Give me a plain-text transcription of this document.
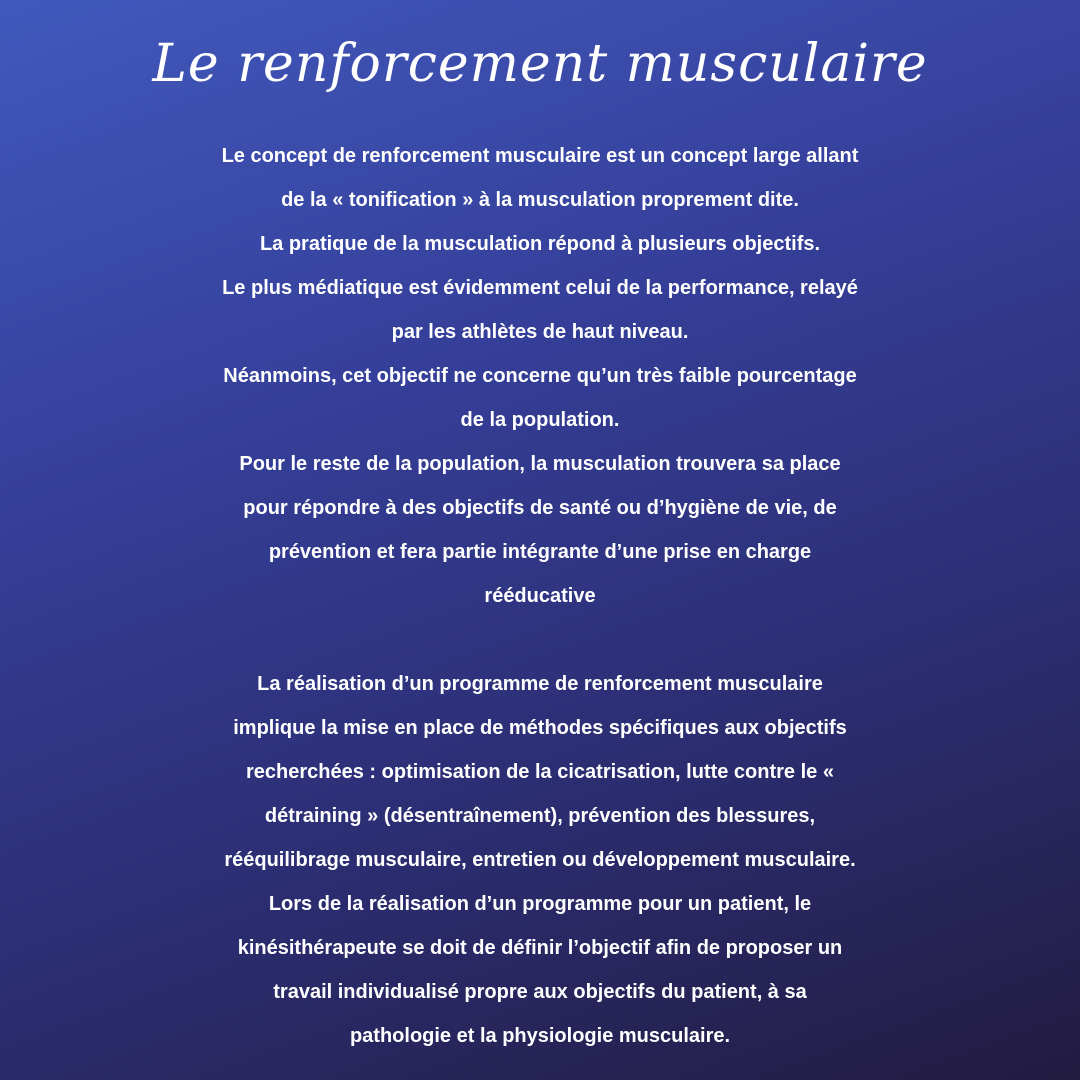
Le renforcement musculaire

Le concept de renforcement musculaire est un concept large allant
de la « tonification » à la musculation proprement dite.
La pratique de la musculation répond à plusieurs objectifs.
Le plus médiatique est évidemment celui de la performance, relayé
par les athlètes de haut niveau.
Néanmoins, cet objectif ne concerne qu’un très faible pourcentage
de la population.
Pour le reste de la population, la musculation trouvera sa place
pour répondre à des objectifs de santé ou d’hygiène de vie, de
prévention et fera partie intégrante d’une prise en charge
rééducative

La réalisation d’un programme de renforcement musculaire
implique la mise en place de méthodes spécifiques aux objectifs
recherchées : optimisation de la cicatrisation, lutte contre le «
détraining » (désentraînement), prévention des blessures,
rééquilibrage musculaire, entretien ou développement musculaire.
Lors de la réalisation d’un programme pour un patient, le
kinésithérapeute se doit de définir l’objectif afin de proposer un
travail individualisé propre aux objectifs du patient, à sa
pathologie et la physiologie musculaire.
